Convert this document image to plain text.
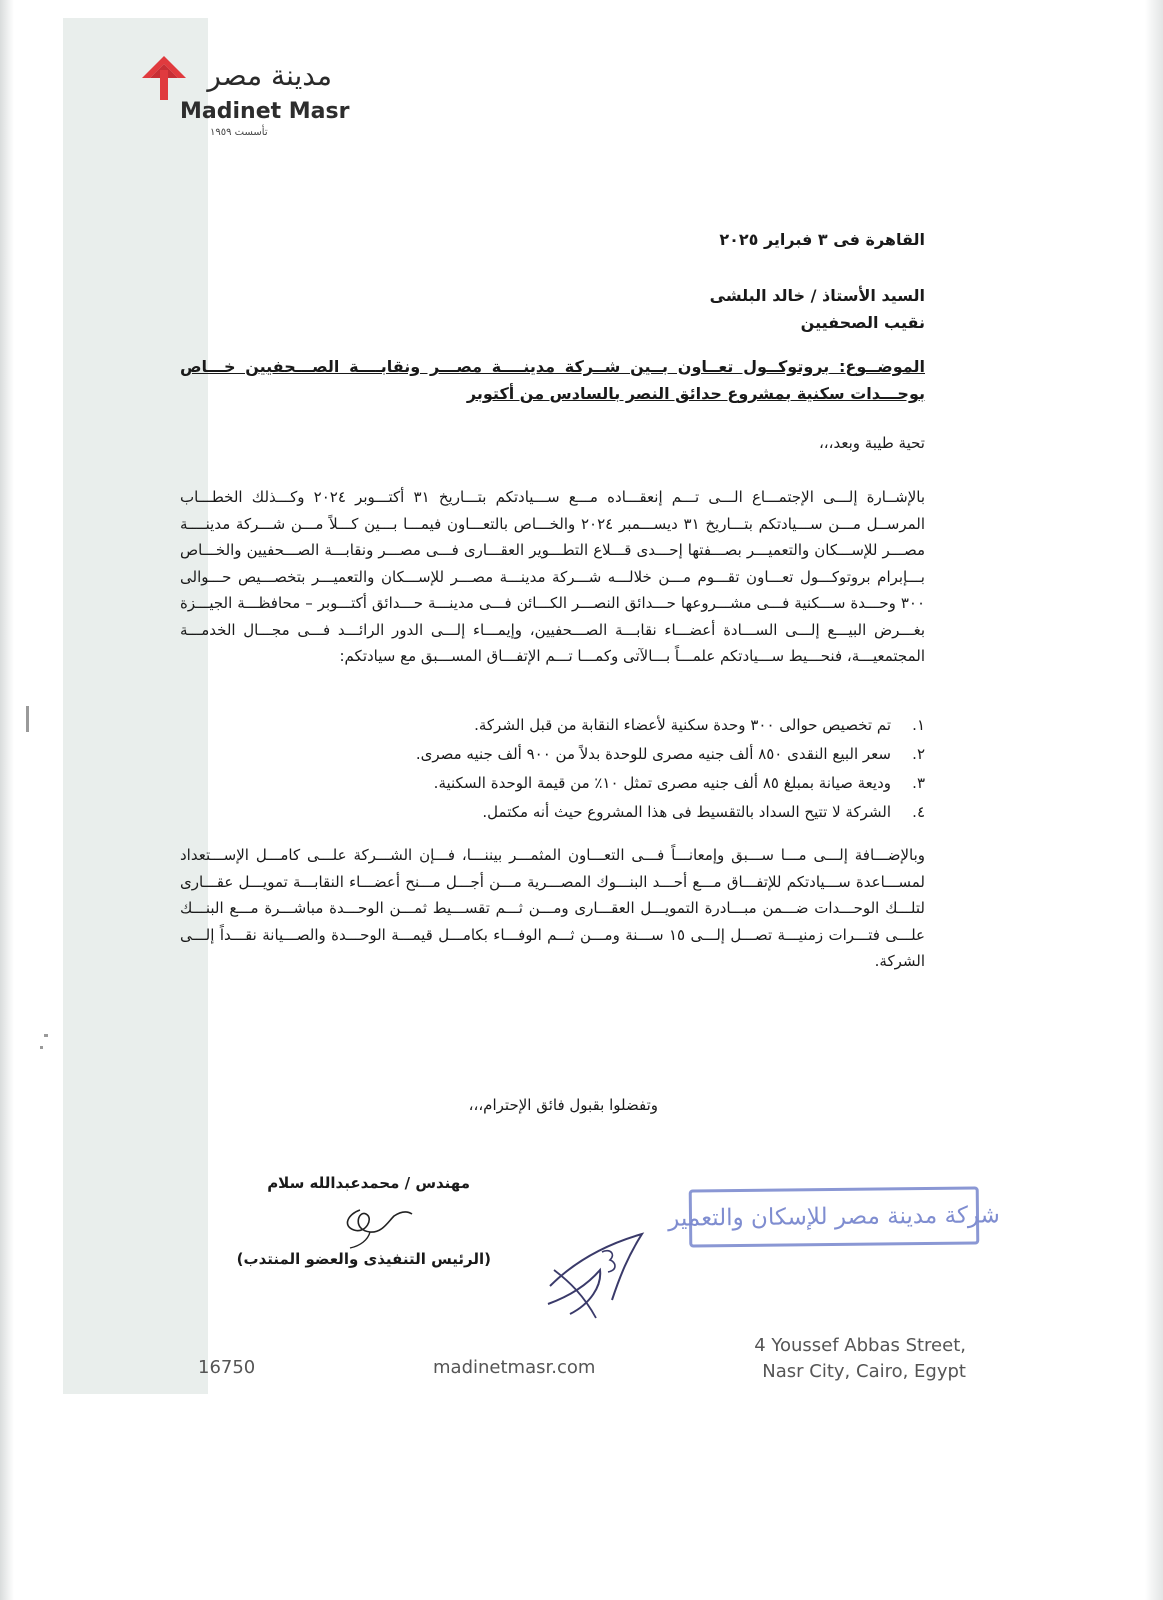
مدينة مصر
Madinet Masr
تأسست ١٩٥٩
القاهرة فى ٣ فبراير ٢٠٢٥
السيد الأستاذ / خالد البلشى
نقيب الصحفيين
الموضــوع: بروتوكــول تعــاون بــين شــركة مدينــــة مصـــر ونقابــــة الصـــحفيين خـــاص بوحـــدات سكنية بمشروع حدائق النصر بالسادس من أكتوبر
تحية طيبة وبعد،،،
بالإشــارة إلـــى الإجتمـــاع الـــى تـــم إنعقـــاده مـــع ســـيادتكم بتـــاريخ ٣١ أكتـــوبر ٢٠٢٤ وكـــذلك الخطـــاب المرســل مـــن ســـيادتكم بتـــاريخ ٣١ ديســـمبر ٢٠٢٤ والخـــاص بالتعـــاون فيمـــا بـــين كـــلاً مـــن شـــركة مدينــــة مصـــر للإســـكان والتعميـــر بصـــفتها إحـــدى قـــلاع التطـــوير العقـــارى فـــى مصـــر ونقابـــة الصـــحفيين والخـــاص بـــإبرام بروتوكـــول تعـــاون تقـــوم مـــن خلالـــه شـــركة مدينـــة مصـــر للإســـكان والتعميـــر بتخصـــيص حـــوالى ٣٠٠ وحـــدة ســـكنية فـــى مشـــروعها حـــدائق النصـــر الكـــائن فـــى مدينـــة حـــدائق أكتـــوبر – محافظـــة الجيـــزة بغـــرض البيـــع إلـــى الســـادة أعضـــاء نقابـــة الصـــحفيين، وإيمـــاء إلـــى الدور الرائـــد فـــى مجـــال الخدمـــة المجتمعيـــة، فنحـــيط ســـيادتكم علمـــاً بـــالآتى وكمـــا تـــم الإتفـــاق المســـبق مع سيادتكم:
١.
تم تخصيص حوالى ٣٠٠ وحدة سكنية لأعضاء النقابة من قبل الشركة.
٢.
سعر البيع النقدى ٨٥٠ ألف جنيه مصرى للوحدة بدلاً من ٩٠٠ ألف جنيه مصرى.
٣.
وديعة صيانة بمبلغ ٨٥ ألف جنيه مصرى تمثل ١٠٪ من قيمة الوحدة السكنية.
٤.
الشركة لا تتيح السداد بالتقسيط فى هذا المشروع حيث أنه مكتمل.
وبالإضـــافة إلـــى مـــا ســـبق وإمعانـــاً فـــى التعـــاون المثمـــر بيننـــا، فـــإن الشـــركة علـــى كامـــل الإســـتعداد لمســـاعدة ســـيادتكم للإتفـــاق مـــع أحـــد البنـــوك المصـــرية مـــن أجـــل مـــنح أعضـــاء النقابـــة تمويـــل عقـــارى لتلـــك الوحـــدات ضـــمن مبـــادرة التمويـــل العقـــارى ومـــن ثـــم تقســـيط ثمـــن الوحـــدة مباشـــرة مـــع البنـــك علـــى فتـــرات زمنيـــة تصـــل إلـــى ١٥ ســـنة ومـــن ثـــم الوفـــاء بكامـــل قيمـــة الوحـــدة والصـــيانة نقـــداً إلـــى الشركة.
وتفضلوا بقبول فائق الإحترام،،،
مهندس / محمدعبدالله سلام
(الرئيس التنفيذى والعضو المنتدب)
شركة مدينة مصر للإسكان والتعمير
16750	madinetmasr.com
4 Youssef Abbas Street,
Nasr City, Cairo, Egypt
